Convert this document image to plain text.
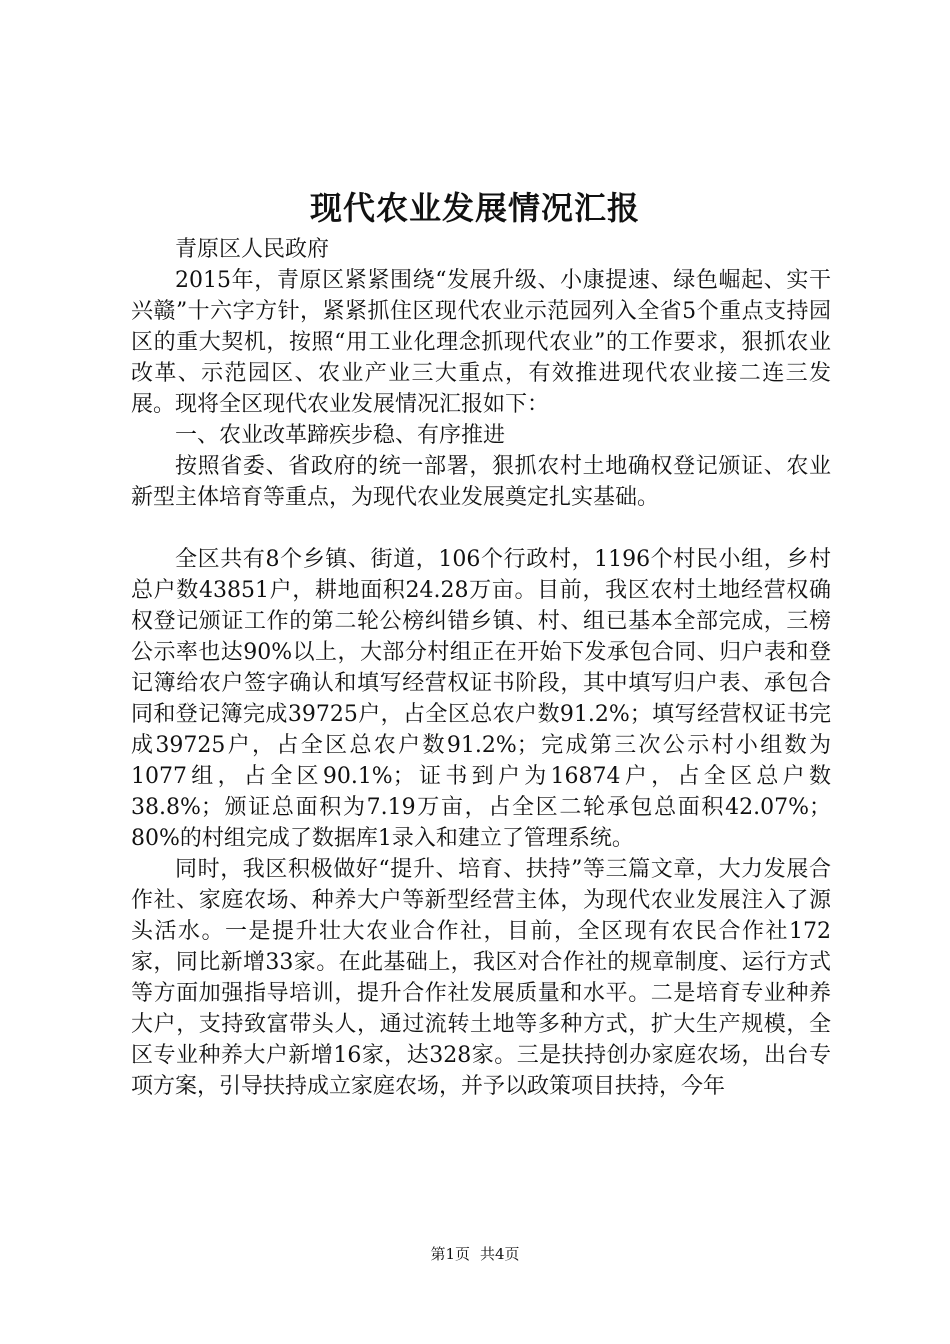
现代农业发展情况汇报

青原区人民政府

2015年，青原区紧紧围绕“发展升级、小康提速、绿色崛起、实干兴赣”十六字方针，紧紧抓住区现代农业示范园列入全省5个重点支持园区的重大契机，按照“用工业化理念抓现代农业”的工作要求，狠抓农业改革、示范园区、农业产业三大重点，有效推进现代农业接二连三发展。现将全区现代农业发展情况汇报如下：

一、农业改革蹄疾步稳、有序推进

按照省委、省政府的统一部署，狠抓农村土地确权登记颁证、农业新型主体培育等重点，为现代农业发展奠定扎实基础。

全区共有8个乡镇、街道，106个行政村，1196个村民小组，乡村总户数43851户，耕地面积24.28万亩。目前，我区农村土地经营权确权登记颁证工作的第二轮公榜纠错乡镇、村、组已基本全部完成，三榜公示率也达90%以上，大部分村组正在开始下发承包合同、归户表和登记簿给农户签字确认和填写经营权证书阶段，其中填写归户表、承包合同和登记簿完成39725户，占全区总农户数91.2%；填写经营权证书完成39725户，占全区总农户数91.2%；完成第三次公示村小组数为1077组，占全区90.1%；证书到户为16874户，占全区总户数38.8%；颁证总面积为7.19万亩，占全区二轮承包总面积42.07%；80%的村组完成了数据库1录入和建立了管理系统。

同时，我区积极做好“提升、培育、扶持”等三篇文章，大力发展合作社、家庭农场、种养大户等新型经营主体，为现代农业发展注入了源头活水。一是提升壮大农业合作社，目前，全区现有农民合作社172家，同比新增33家。在此基础上，我区对合作社的规章制度、运行方式等方面加强指导培训，提升合作社发展质量和水平。二是培育专业种养大户，支持致富带头人，通过流转土地等多种方式，扩大生产规模，全区专业种养大户新增16家，达328家。三是扶持创办家庭农场，出台专项方案，引导扶持成立家庭农场，并予以政策项目扶持，今年

第1页 共4页
